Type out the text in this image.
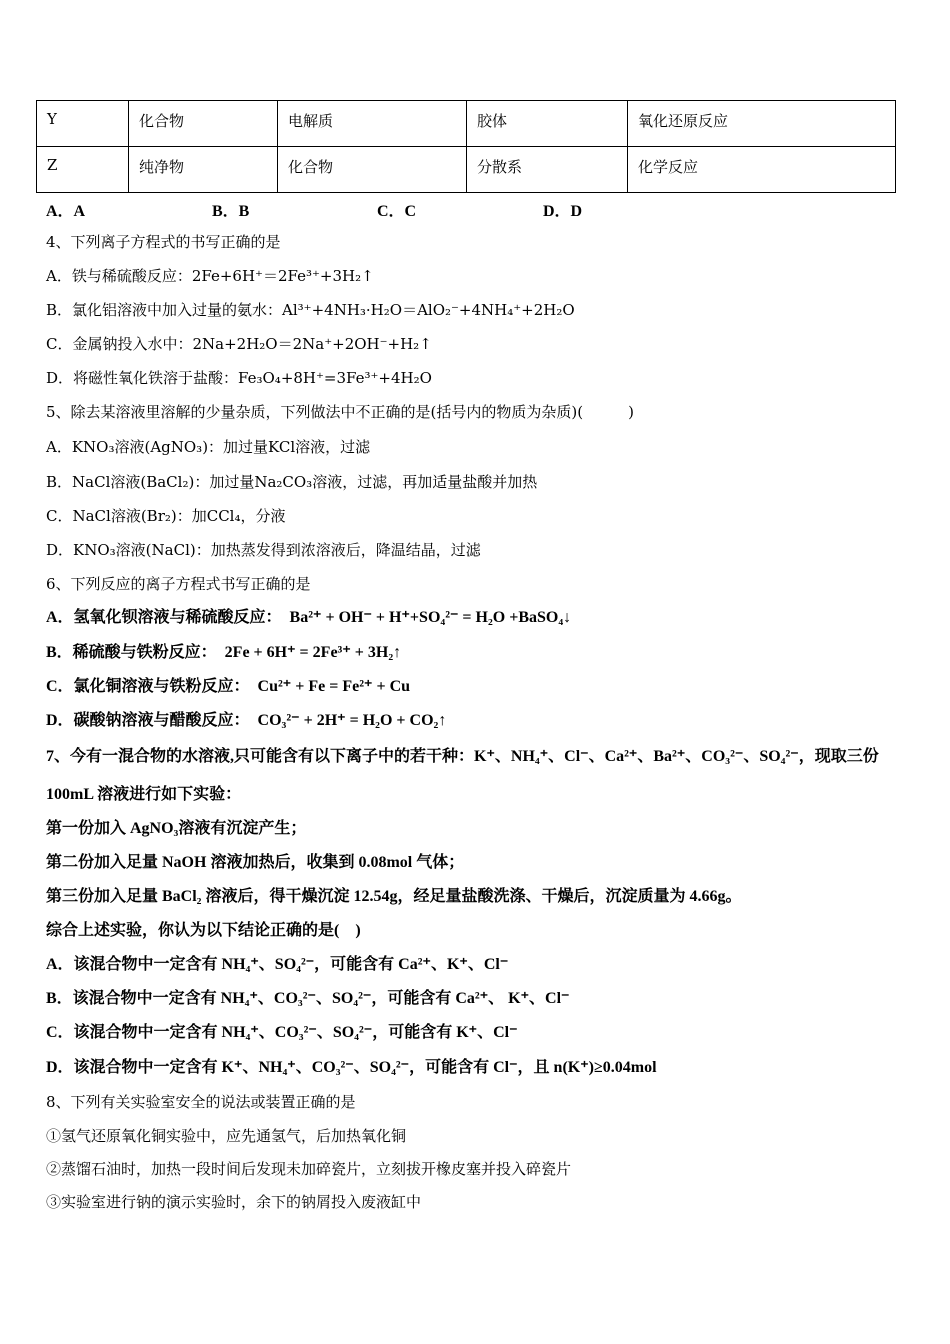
Y	化合物	电解质	胶体	氧化还原反应
Z	纯净物	化合物	分散系	化学反应
A．A	B．B	C．C	D．D
4、下列离子方程式的书写正确的是
A．铁与稀硫酸反应：2Fe+6H⁺＝2Fe³⁺+3H₂↑
B．氯化铝溶液中加入过量的氨水：Al³⁺+4NH₃·H₂O＝AlO₂⁻+4NH₄⁺+2H₂O
C．金属钠投入水中：2Na+2H₂O＝2Na⁺+2OH⁻+H₂↑
D．将磁性氧化铁溶于盐酸：Fe₃O₄+8H⁺=3Fe³⁺+4H₂O
5、除去某溶液里溶解的少量杂质，下列做法中不正确的是(括号内的物质为杂质)(　　　)
A．KNO₃溶液(AgNO₃)：加过量KCl溶液，过滤
B．NaCl溶液(BaCl₂)：加过量Na₂CO₃溶液，过滤，再加适量盐酸并加热
C．NaCl溶液(Br₂)：加CCl₄，分液
D．KNO₃溶液(NaCl)：加热蒸发得到浓溶液后，降温结晶，过滤
6、下列反应的离子方程式书写正确的是
A．氢氧化钡溶液与稀硫酸反应：　Ba²⁺ + OH⁻ + H⁺+SO₄²⁻ = H₂O +BaSO₄↓
B．稀硫酸与铁粉反应：　2Fe + 6H⁺ = 2Fe³⁺ + 3H₂↑
C．氯化铜溶液与铁粉反应：　Cu²⁺ + Fe = Fe²⁺ + Cu
D．碳酸钠溶液与醋酸反应：　CO₃²⁻ + 2H⁺ = H₂O + CO₂↑
7、今有一混合物的水溶液,只可能含有以下离子中的若干种：K⁺、NH₄⁺、Cl⁻、Ca²⁺、Ba²⁺、CO₃²⁻、SO₄²⁻，现取三份
100mL 溶液进行如下实验：
第一份加入 AgNO₃溶液有沉淀产生；
第二份加入足量 NaOH 溶液加热后，收集到 0.08mol 气体；
第三份加入足量 BaCl₂ 溶液后，得干燥沉淀 12.54g，经足量盐酸洗涤、干燥后，沉淀质量为 4.66g。
综合上述实验，你认为以下结论正确的是(　)
A．该混合物中一定含有 NH₄⁺、SO₄²⁻，可能含有 Ca²⁺、K⁺、Cl⁻
B．该混合物中一定含有 NH₄⁺、CO₃²⁻、SO₄²⁻，可能含有 Ca²⁺、 K⁺、Cl⁻
C．该混合物中一定含有 NH₄⁺、CO₃²⁻、SO₄²⁻，可能含有 K⁺、Cl⁻
D．该混合物中一定含有 K⁺、NH₄⁺、CO₃²⁻、SO₄²⁻，可能含有 Cl⁻，且 n(K⁺)≥0.04mol
8、下列有关实验室安全的说法或装置正确的是
①氢气还原氧化铜实验中，应先通氢气，后加热氧化铜
②蒸馏石油时，加热一段时间后发现未加碎瓷片，立刻拔开橡皮塞并投入碎瓷片
③实验室进行钠的演示实验时，余下的钠屑投入废液缸中
